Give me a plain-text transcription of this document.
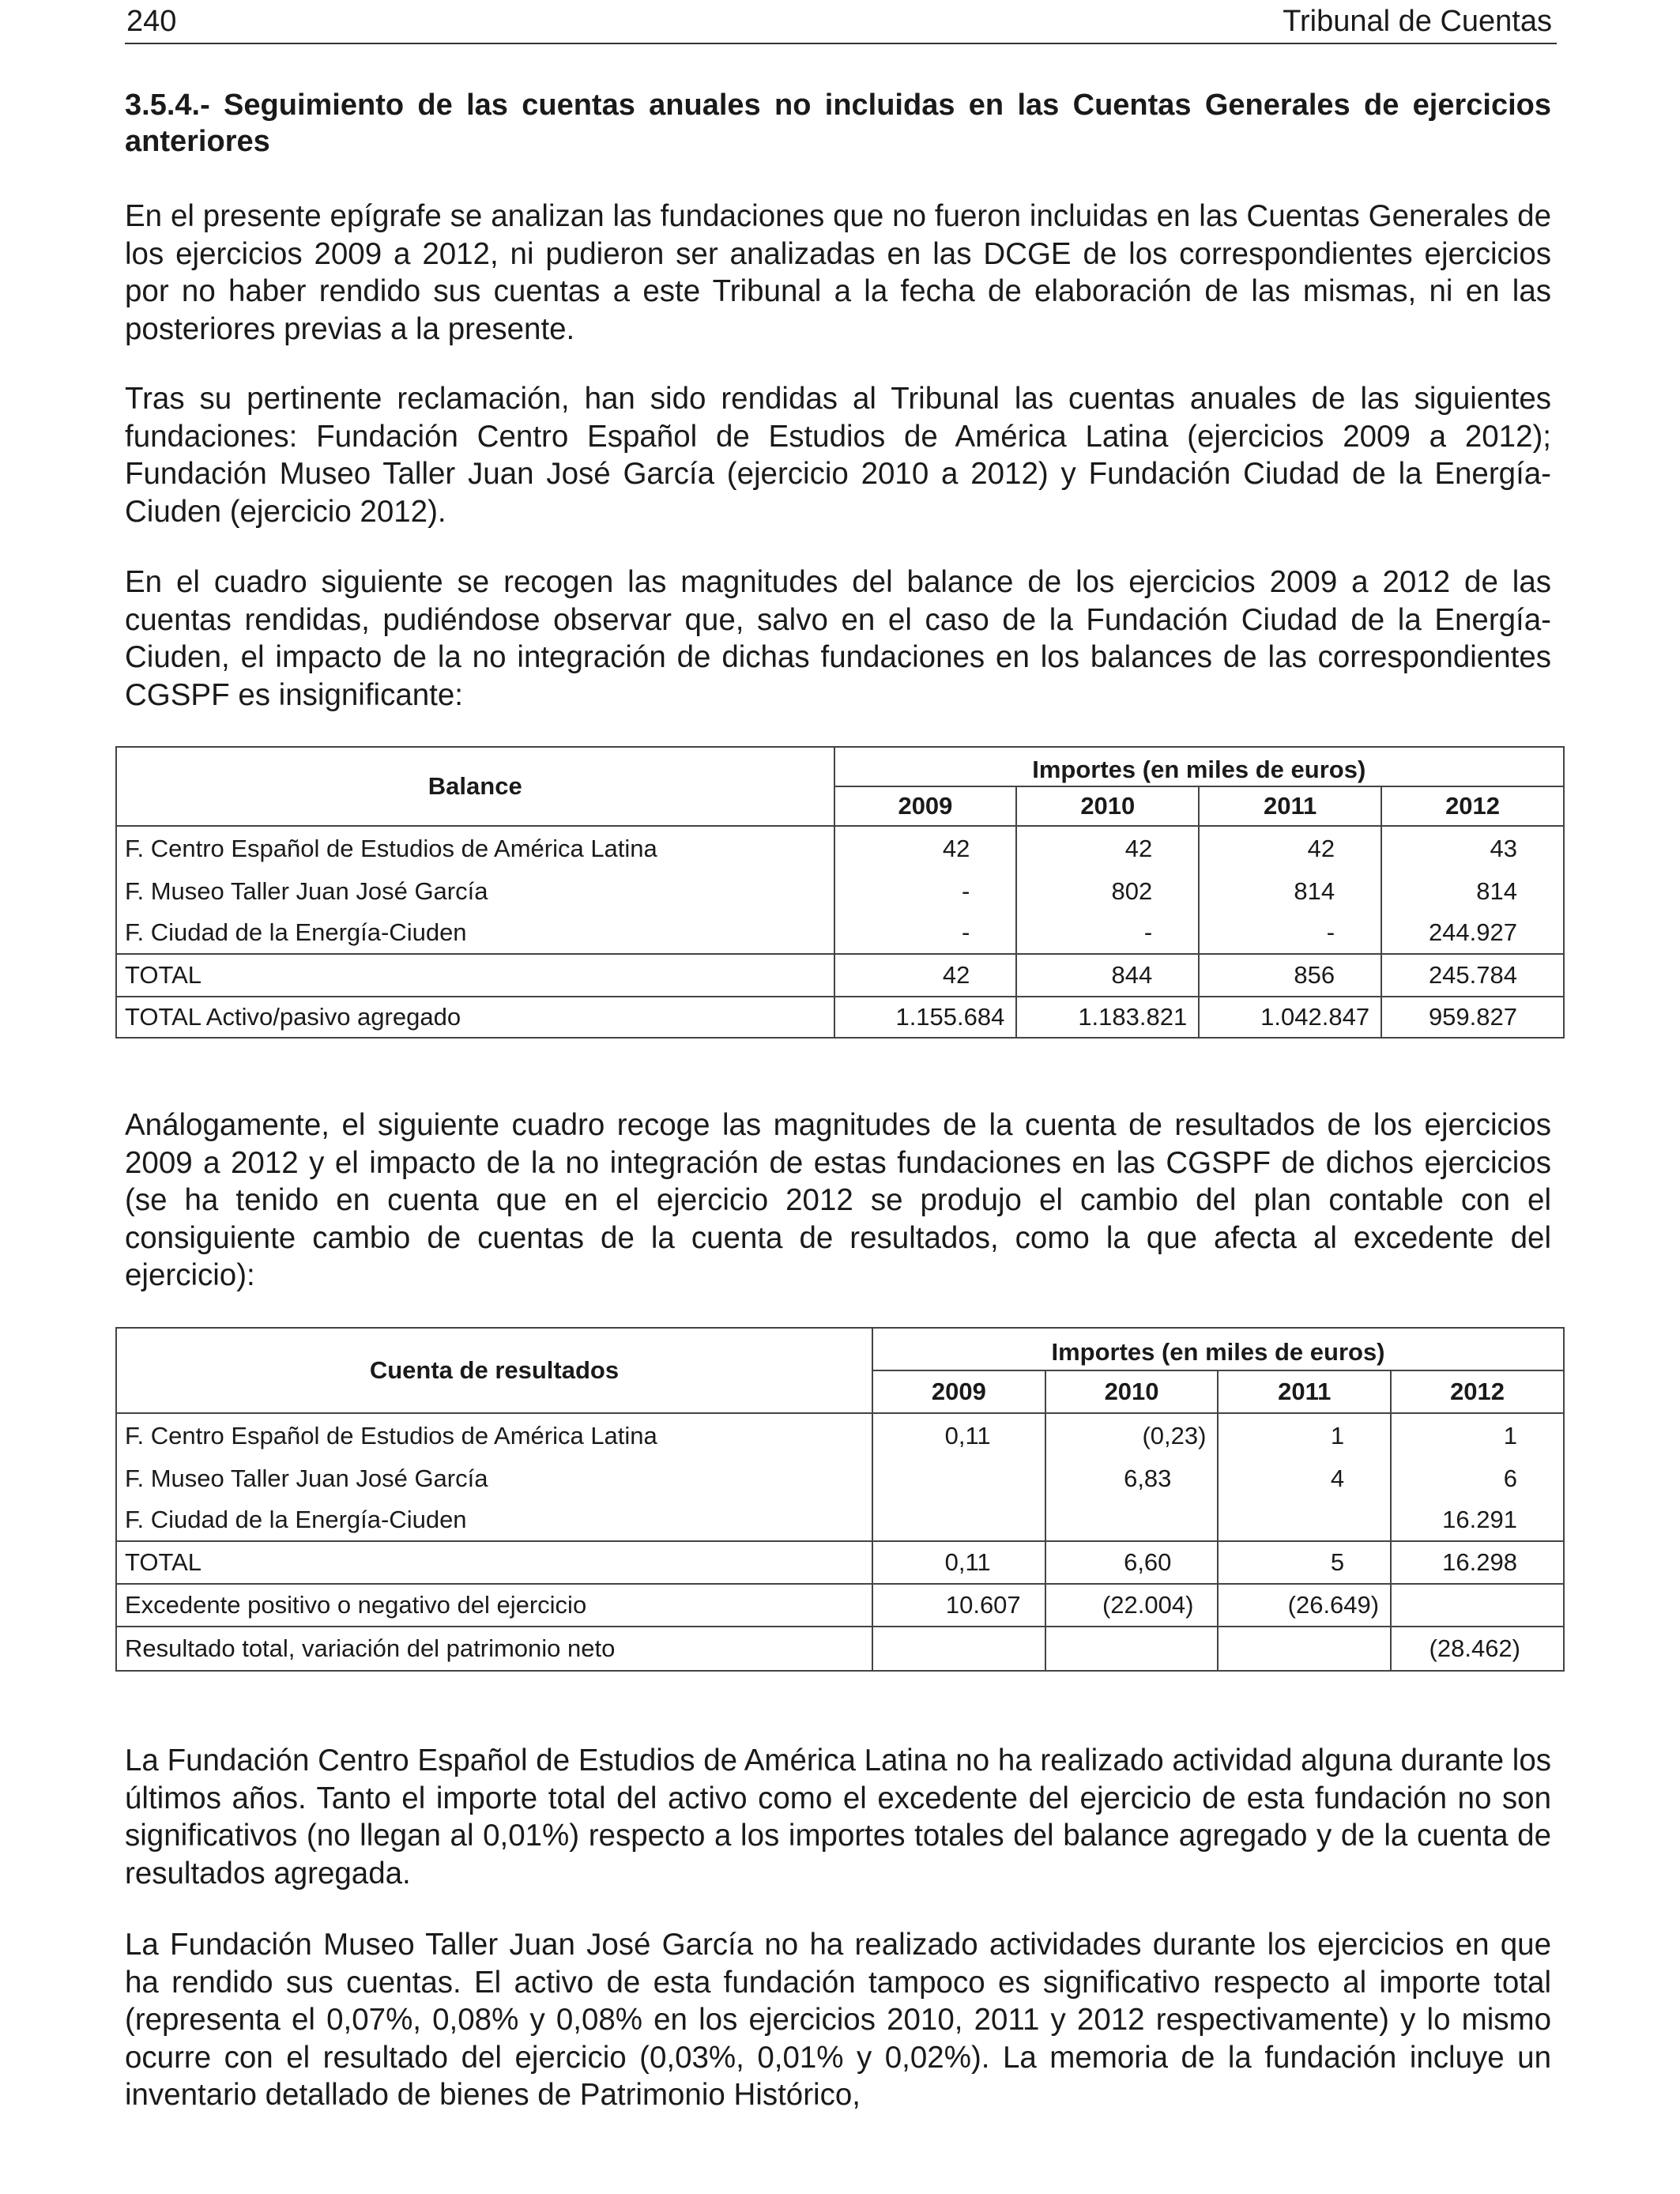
240	Tribunal de Cuentas
3.5.4.- Seguimiento de las cuentas anuales no incluidas en las Cuentas Generales de ejercicios anteriores

En el presente epígrafe se analizan las fundaciones que no fueron incluidas en las Cuentas Generales de los ejercicios 2009 a 2012, ni pudieron ser analizadas en las DCGE de los correspondientes ejercicios por no haber rendido sus cuentas a este Tribunal a la fecha de elaboración de las mismas, ni en las posteriores previas a la presente.

Tras su pertinente reclamación, han sido rendidas al Tribunal las cuentas anuales de las siguientes fundaciones: Fundación Centro Español de Estudios de América Latina (ejercicios 2009 a 2012); Fundación Museo Taller Juan José García (ejercicio 2010 a 2012) y Fundación Ciudad de la Energía-Ciuden (ejercicio 2012).

En el cuadro siguiente se recogen las magnitudes del balance de los ejercicios 2009 a 2012 de las cuentas rendidas, pudiéndose observar que, salvo en el caso de la Fundación Ciudad de la Energía-Ciuden, el impacto de la no integración de dichas fundaciones en los balances de las correspondientes CGSPF es insignificante:

Balance	Importes (en miles de euros)			
	2009	2010	2011	2012
F. Centro Español de Estudios de América Latina	42	42	42	43
F. Museo Taller Juan José García	-	802	814	814
F. Ciudad de la Energía-Ciuden	-	-	-	244.927
TOTAL	42	844	856	245.784
TOTAL Activo/pasivo agregado	1.155.684	1.183.821	1.042.847	959.827

Análogamente, el siguiente cuadro recoge las magnitudes de la cuenta de resultados de los ejercicios 2009 a 2012 y el impacto de la no integración de estas fundaciones en las CGSPF de dichos ejercicios (se ha tenido en cuenta que en el ejercicio 2012 se produjo el cambio del plan contable con el consiguiente cambio de cuentas de la cuenta de resultados, como la que afecta al excedente del ejercicio):

Cuenta de resultados	Importes (en miles de euros)			
	2009	2010	2011	2012
F. Centro Español de Estudios de América Latina	0,11	(0,23)	1	1
F. Museo Taller Juan José García		6,83	4	6
F. Ciudad de la Energía-Ciuden				16.291
TOTAL	0,11	6,60	5	16.298
Excedente positivo o negativo del ejercicio	10.607	(22.004)	(26.649)	
Resultado total, variación del patrimonio neto				(28.462)

La Fundación Centro Español de Estudios de América Latina no ha realizado actividad alguna durante los últimos años. Tanto el importe total del activo como el excedente del ejercicio de esta fundación no son significativos (no llegan al 0,01%) respecto a los importes totales del balance agregado y de la cuenta de resultados agregada.

La Fundación Museo Taller Juan José García no ha realizado actividades durante los ejercicios en que ha rendido sus cuentas. El activo de esta fundación tampoco es significativo respecto al importe total (representa el 0,07%, 0,08% y 0,08% en los ejercicios 2010, 2011 y 2012 respectivamente) y lo mismo ocurre con el resultado del ejercicio (0,03%, 0,01% y 0,02%). La memoria de la fundación incluye un inventario detallado de bienes de Patrimonio Histórico,
